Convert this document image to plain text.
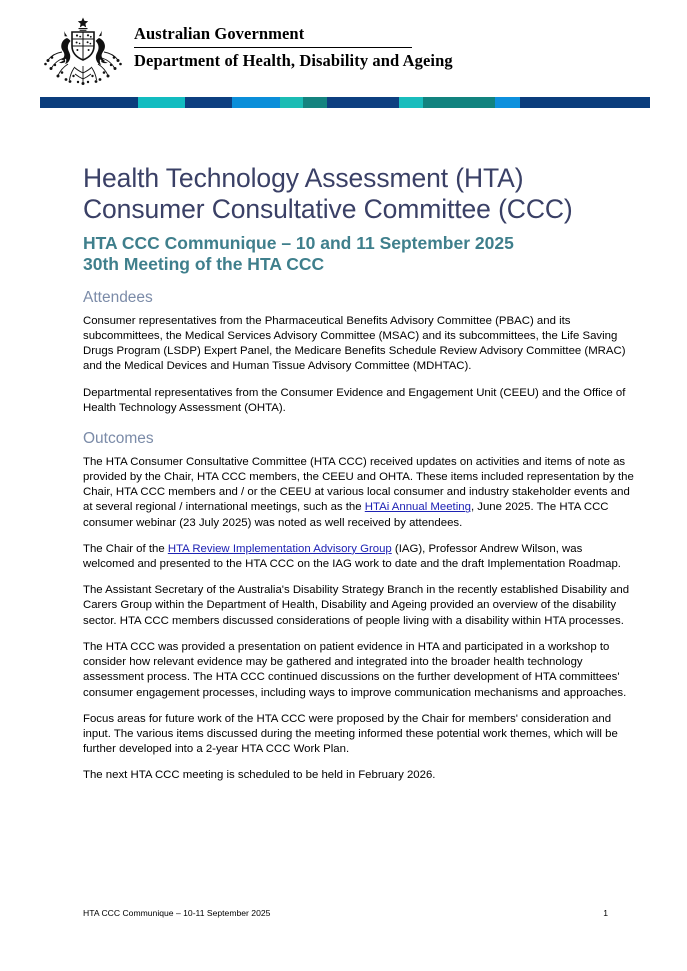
Australian Government
Department of Health, Disability and Ageing
Health Technology Assessment (HTA) Consumer Consultative Committee (CCC)
HTA CCC Communique – 10 and 11 September 2025
30th Meeting of the HTA CCC
Attendees

Consumer representatives from the Pharmaceutical Benefits Advisory Committee (PBAC) and its subcommittees, the Medical Services Advisory Committee (MSAC) and its subcommittees, the Life Saving Drugs Program (LSDP) Expert Panel, the Medicare Benefits Schedule Review Advisory Committee (MRAC) and the Medical Devices and Human Tissue Advisory Committee (MDHTAC).

Departmental representatives from the Consumer Evidence and Engagement Unit (CEEU) and the Office of Health Technology Assessment (OHTA).

Outcomes

The HTA Consumer Consultative Committee (HTA CCC) received updates on activities and items of note as provided by the Chair, HTA CCC members, the CEEU and OHTA. These items included representation by the Chair, HTA CCC members and / or the CEEU at various local consumer and industry stakeholder events and at several regional / international meetings, such as the HTAi Annual Meeting, June 2025. The HTA CCC consumer webinar (23 July 2025) was noted as well received by attendees.

The Chair of the HTA Review Implementation Advisory Group (IAG), Professor Andrew Wilson, was welcomed and presented to the HTA CCC on the IAG work to date and the draft Implementation Roadmap.

The Assistant Secretary of the Australia's Disability Strategy Branch in the recently established Disability and Carers Group within the Department of Health, Disability and Ageing provided an overview of the disability sector. HTA CCC members discussed considerations of people living with a disability within HTA processes.

The HTA CCC was provided a presentation on patient evidence in HTA and participated in a workshop to consider how relevant evidence may be gathered and integrated into the broader health technology assessment process. The HTA CCC continued discussions on the further development of HTA committees' consumer engagement processes, including ways to improve communication mechanisms and approaches.

Focus areas for future work of the HTA CCC were proposed by the Chair for members' consideration and input. The various items discussed during the meeting informed these potential work themes, which will be further developed into a 2-year HTA CCC Work Plan.

The next HTA CCC meeting is scheduled to be held in February 2026.

HTA CCC Communique – 10-11 September 2025	1
